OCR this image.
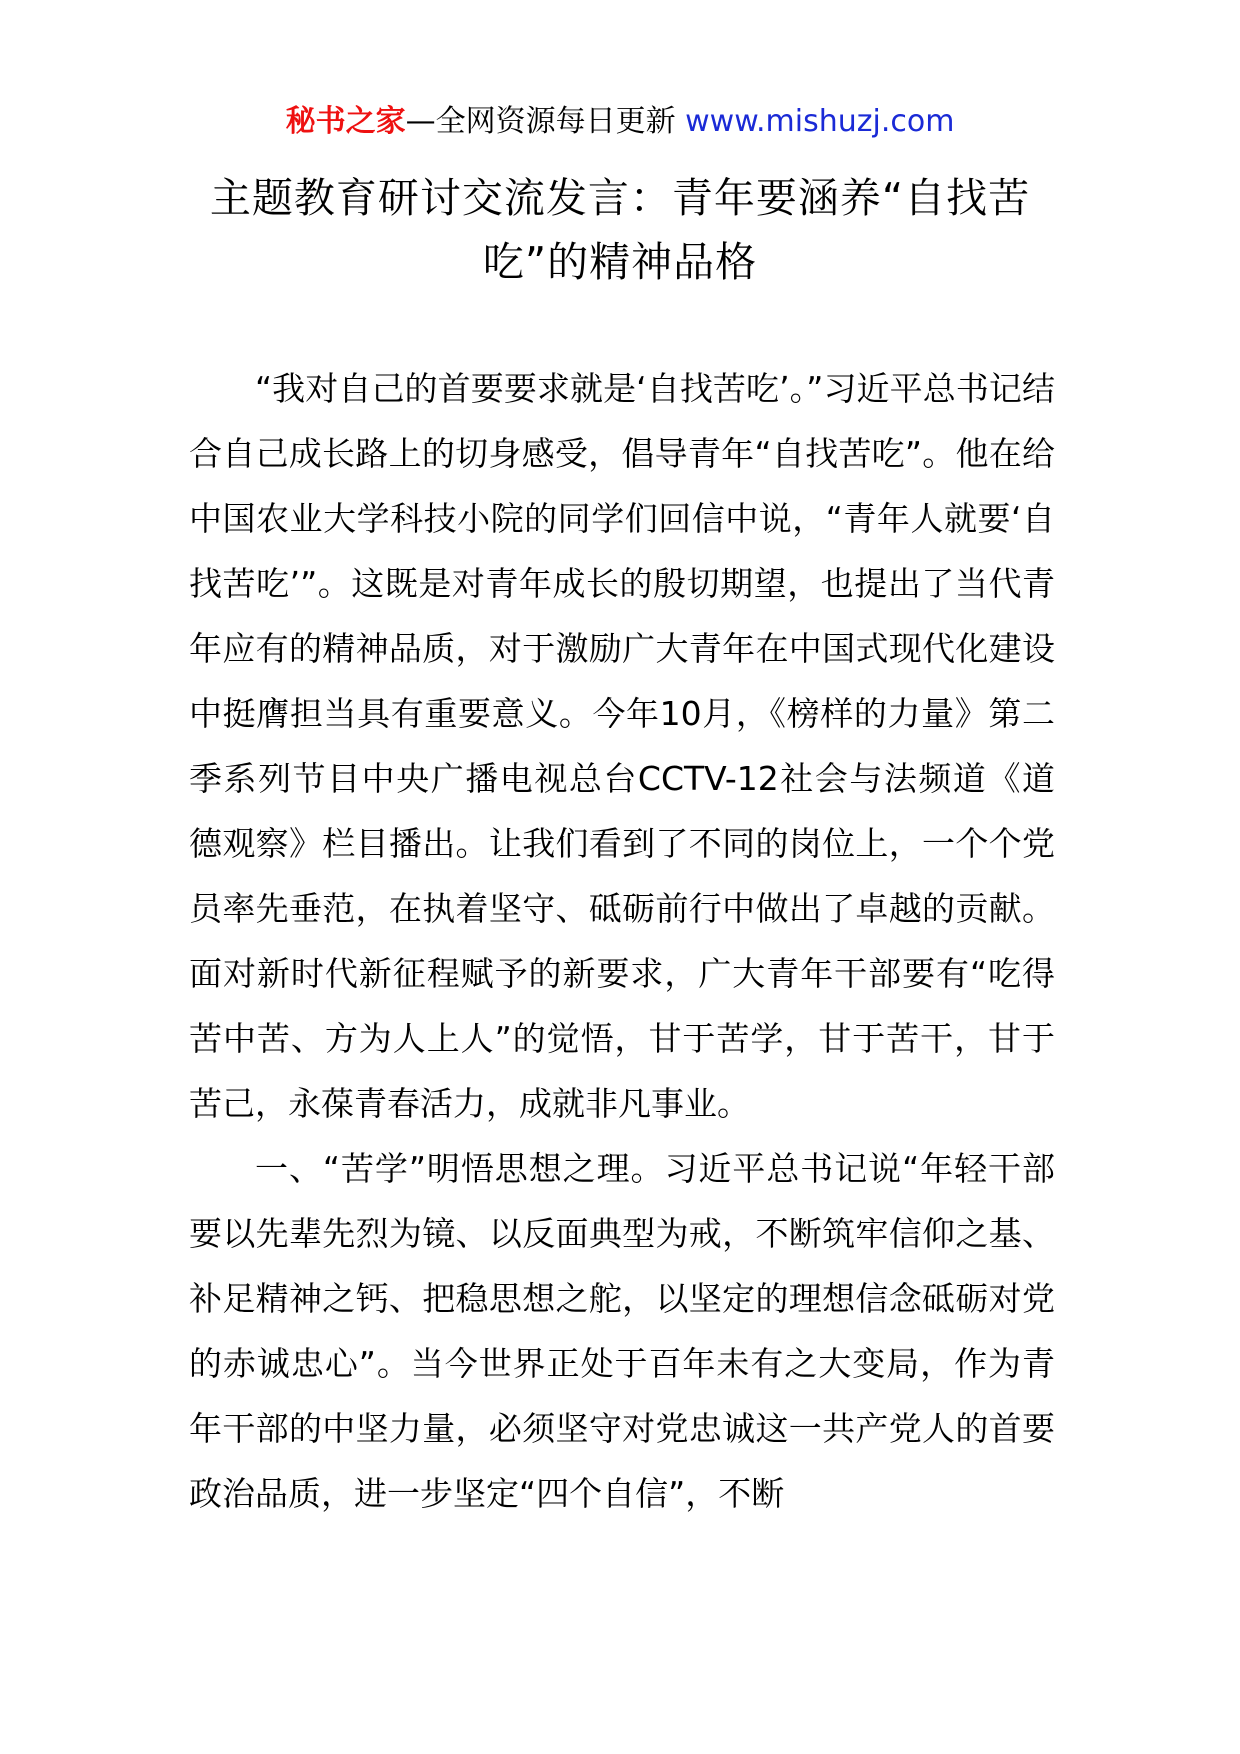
秘书之家—全网资源每日更新 www.mishuzj.com
主题教育研讨交流发言：青年要涵养“自找苦吃”的精神品格

“我对自己的首要要求就是‘自找苦吃’。”习近平总书记结合自己成长路上的切身感受，倡导青年“自找苦吃”。他在给中国农业大学科技小院的同学们回信中说，“青年人就要‘自找苦吃’”。这既是对青年成长的殷切期望，也提出了当代青年应有的精神品质，对于激励广大青年在中国式现代化建设中挺膺担当具有重要意义。今年10月，《榜样的力量》第二季系列节目中央广播电视总台CCTV-12社会与法频道《道德观察》栏目播出。让我们看到了不同的岗位上，一个个党员率先垂范，在执着坚守、砥砺前行中做出了卓越的贡献。面对新时代新征程赋予的新要求，广大青年干部要有“吃得苦中苦、方为人上人”的觉悟，甘于苦学，甘于苦干，甘于苦己，永葆青春活力，成就非凡事业。

一、“苦学”明悟思想之理。习近平总书记说“年轻干部要以先辈先烈为镜、以反面典型为戒，不断筑牢信仰之基、补足精神之钙、把稳思想之舵，以坚定的理想信念砥砺对党的赤诚忠心”。当今世界正处于百年未有之大变局，作为青年干部的中坚力量，必须坚守对党忠诚这一共产党人的首要政治品质，进一步坚定“四个自信”，不断
